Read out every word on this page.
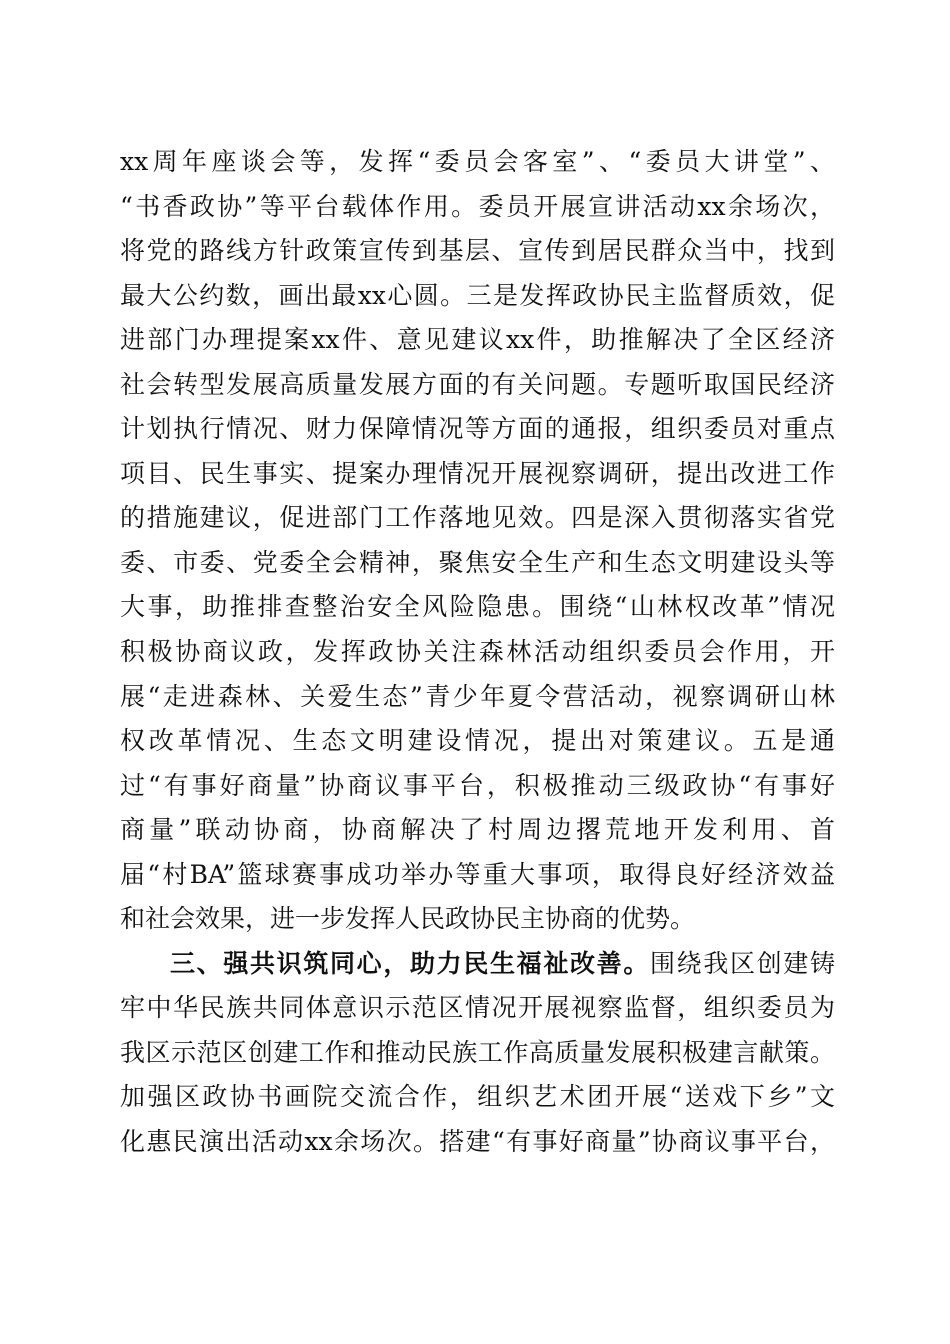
xx周年座谈会等，发挥“委员会客室”、“委员大讲堂”、
“书香政协”等平台载体作用。委员开展宣讲活动xx余场次，
将党的路线方针政策宣传到基层、宣传到居民群众当中，找到
最大公约数，画出最xx心圆。三是发挥政协民主监督质效，促
进部门办理提案xx件、意见建议xx件，助推解决了全区经济
社会转型发展高质量发展方面的有关问题。专题听取国民经济
计划执行情况、财力保障情况等方面的通报，组织委员对重点
项目、民生事实、提案办理情况开展视察调研，提出改进工作
的措施建议，促进部门工作落地见效。四是深入贯彻落实省党
委、市委、党委全会精神，聚焦安全生产和生态文明建设头等
大事，助推排查整治安全风险隐患。围绕“山林权改革”情况
积极协商议政，发挥政协关注森林活动组织委员会作用，开
展“走进森林、关爱生态”青少年夏令营活动，视察调研山林
权改革情况、生态文明建设情况，提出对策建议。五是通
过“有事好商量”协商议事平台，积极推动三级政协“有事好
商量”联动协商，协商解决了村周边撂荒地开发利用、首
届“村BA”篮球赛事成功举办等重大事项，取得良好经济效益
和社会效果，进一步发挥人民政协民主协商的优势。
三、强共识筑同心，助力民生福祉改善。围绕我区创建铸
牢中华民族共同体意识示范区情况开展视察监督，组织委员为
我区示范区创建工作和推动民族工作高质量发展积极建言献策。
加强区政协书画院交流合作，组织艺术团开展“送戏下乡”文
化惠民演出活动xx余场次。搭建“有事好商量”协商议事平台，
